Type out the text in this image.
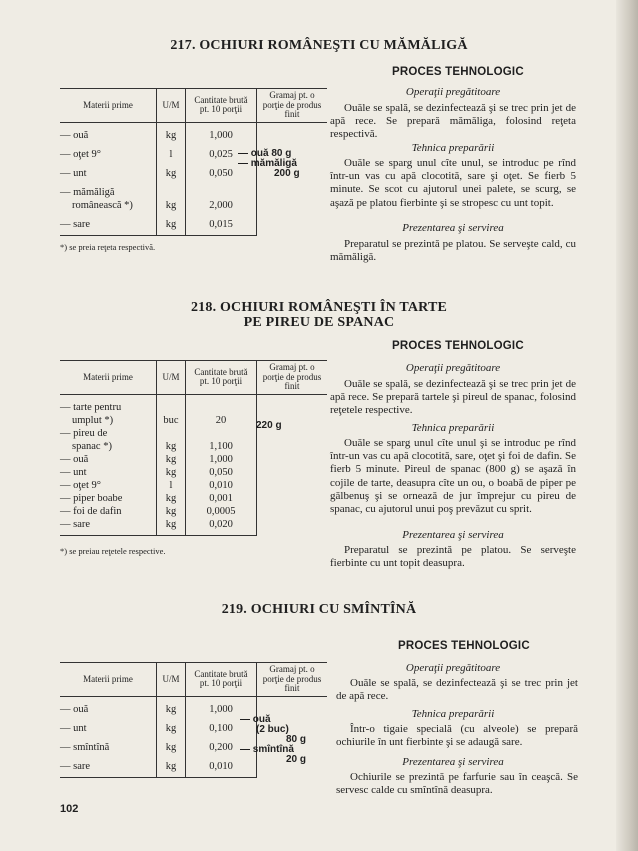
217. OCHIURI ROMÂNEŞTI CU MĂMĂLIGĂ
Materii prime	U/M	Cantitate brută pt. 10 porţii	Gramaj pt. o porţie de produs finit
— ouă	kg	1,000	
— oţet 9°	l	0,025	
— unt	kg	0,050	
— mămăligă			
românească *)	kg	2,000	
— sare	kg	0,015	
— ouă 80 g
— mămăligă
200 g
*) se preia reţeta respectivă.
PROCES TEHNOLOGIC
Operaţii pregătitoare

Ouăle se spală, se dezinfectează şi se trec prin jet de apă rece. Se prepară mămăliga, folosind reţeta respectivă.

Tehnica preparării

Ouăle se sparg unul cîte unul, se introduc pe rînd într-un vas cu apă clocotită, sare şi oţet. Se fierb 5 minute. Se scot cu ajutorul unei palete, se scurg, se aşază pe platou fierbinte şi se stropesc cu unt topit.

Prezentarea şi servirea

Preparatul se prezintă pe platou. Se serveşte cald, cu mămăligă.

218. OCHIURI ROMÂNEŞTI ÎN TARTE
PE PIREU DE SPANAC
Materii prime	U/M	Cantitate brută pt. 10 porţii	Gramaj pt. o porţie de produs finit
— tarte pentru			
umplut *)	buc	20	
— pireu de			
spanac *)	kg	1,100	
— ouă	kg	1,000	
— unt	kg	0,050	
— oţet 9°	l	0,010	
— piper boabe	kg	0,001	
— foi de dafin	kg	0,0005	
— sare	kg	0,020	
220 g
*) se preiau reţetele respective.
PROCES TEHNOLOGIC
Operaţii pregătitoare

Ouăle se spală, se dezinfectează şi se trec prin jet de apă rece. Se prepară tartele şi pireul de spanac, folosind reţetele respective.

Tehnica preparării

Ouăle se sparg unul cîte unul şi se introduc pe rînd într-un vas cu apă clocotită, sare, oţet şi foi de dafin. Se fierb 5 minute. Pireul de spanac (800 g) se aşază în cojile de tarte, deasupra cîte un ou, o boabă de piper pe gălbenuş şi se ornează de jur împrejur cu pireu de spanac, cu ajutorul unui poş prevăzut cu sprit.

Prezentarea şi servirea

Preparatul se prezintă pe platou. Se serveşte fierbinte cu unt topit deasupra.

219. OCHIURI CU SMÎNTÎNĂ
Materii prime	U/M	Cantitate brută pt. 10 porţii	Gramaj pt. o porţie de produs finit
— ouă	kg	1,000	
— unt	kg	0,100	
— smîntînă	kg	0,200	
— sare	kg	0,010	
— ouă
(2 buc)
80 g
— smîntînă
20 g
PROCES TEHNOLOGIC
Operaţii pregătitoare

Ouăle se spală, se dezinfectează şi se trec prin jet de apă rece.

Tehnica preparării

Într-o tigaie specială (cu alveole) se prepară ochiurile în unt fierbinte şi se adaugă sare.

Prezentarea şi servirea

Ochiurile se prezintă pe farfurie sau în ceaşcă. Se servesc calde cu smîntînă deasupra.

102
